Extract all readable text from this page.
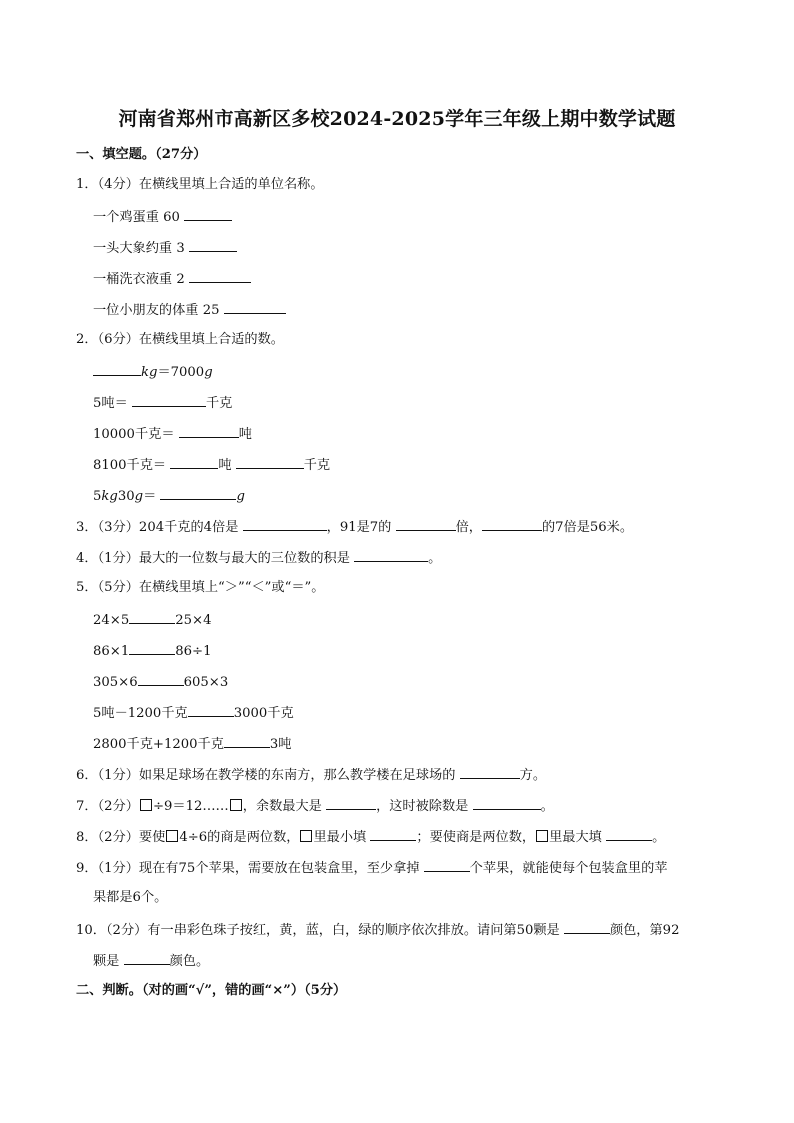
河南省郑州市高新区多校2024-2025学年三年级上期中数学试题
一、填空题。（27分）
1．（4分）在横线里填上合适的单位名称。
一个鸡蛋重 60
一头大象约重 3
一桶洗衣液重 2
一位小朋友的体重 25
2．（6分）在横线里填上合适的数。
kg＝7000g
5吨＝	千克
10000千克＝	吨
8100千克＝	吨	千克
5kg30g＝	g
3．（3分）204千克的4倍是	，91是7的	倍，	的7倍是56米。
4．（1分）最大的一位数与最大的三位数的积是	。
5．（5分）在横线里填上“＞”“＜”或“＝”。
24×5	25×4
86×1	86÷1
305×6	605×3
5吨－1200千克	3000千克
2800千克+1200千克	3吨
6．（1分）如果足球场在教学楼的东南方，那么教学楼在足球场的	方。
7．（2分） ÷9＝12…… ，余数最大是	，这时被除数是	。
8．（2分）要使 4÷6的商是两位数， 里最小填	；要使商是两位数， 里最大填	。
9．（1分）现在有75个苹果，需要放在包装盒里，至少拿掉	个苹果，就能使每个包装盒里的苹
果都是6个。
10．（2分）有一串彩色珠子按红，黄，蓝，白，绿的顺序依次排放。请问第50颗是	颜色，第92
颗是	颜色。
二、判断。（对的画“√”，错的画“×”）（5分）
